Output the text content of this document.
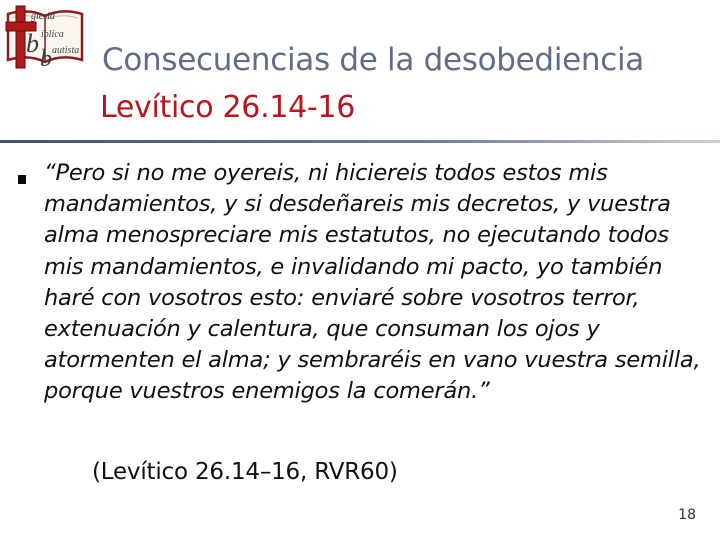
b
b
glesia
iblica
autista Consecuencias de la desobediencia
Levítico 26.14-16
“Pero si no me oyereis, ni hiciereis todos estos mis mandamientos, y si desdeñareis mis decretos, y vuestra alma menospreciare mis estatutos, no ejecutando todos mis mandamientos, e invalidando mi pacto, yo también haré con vosotros esto: enviaré sobre vosotros terror, extenuación y calentura, que consuman los ojos y atormenten el alma; y sembraréis en vano vuestra semilla, porque vuestros enemigos la comerán.”
(Levítico 26.14–16, RVR60)
18
